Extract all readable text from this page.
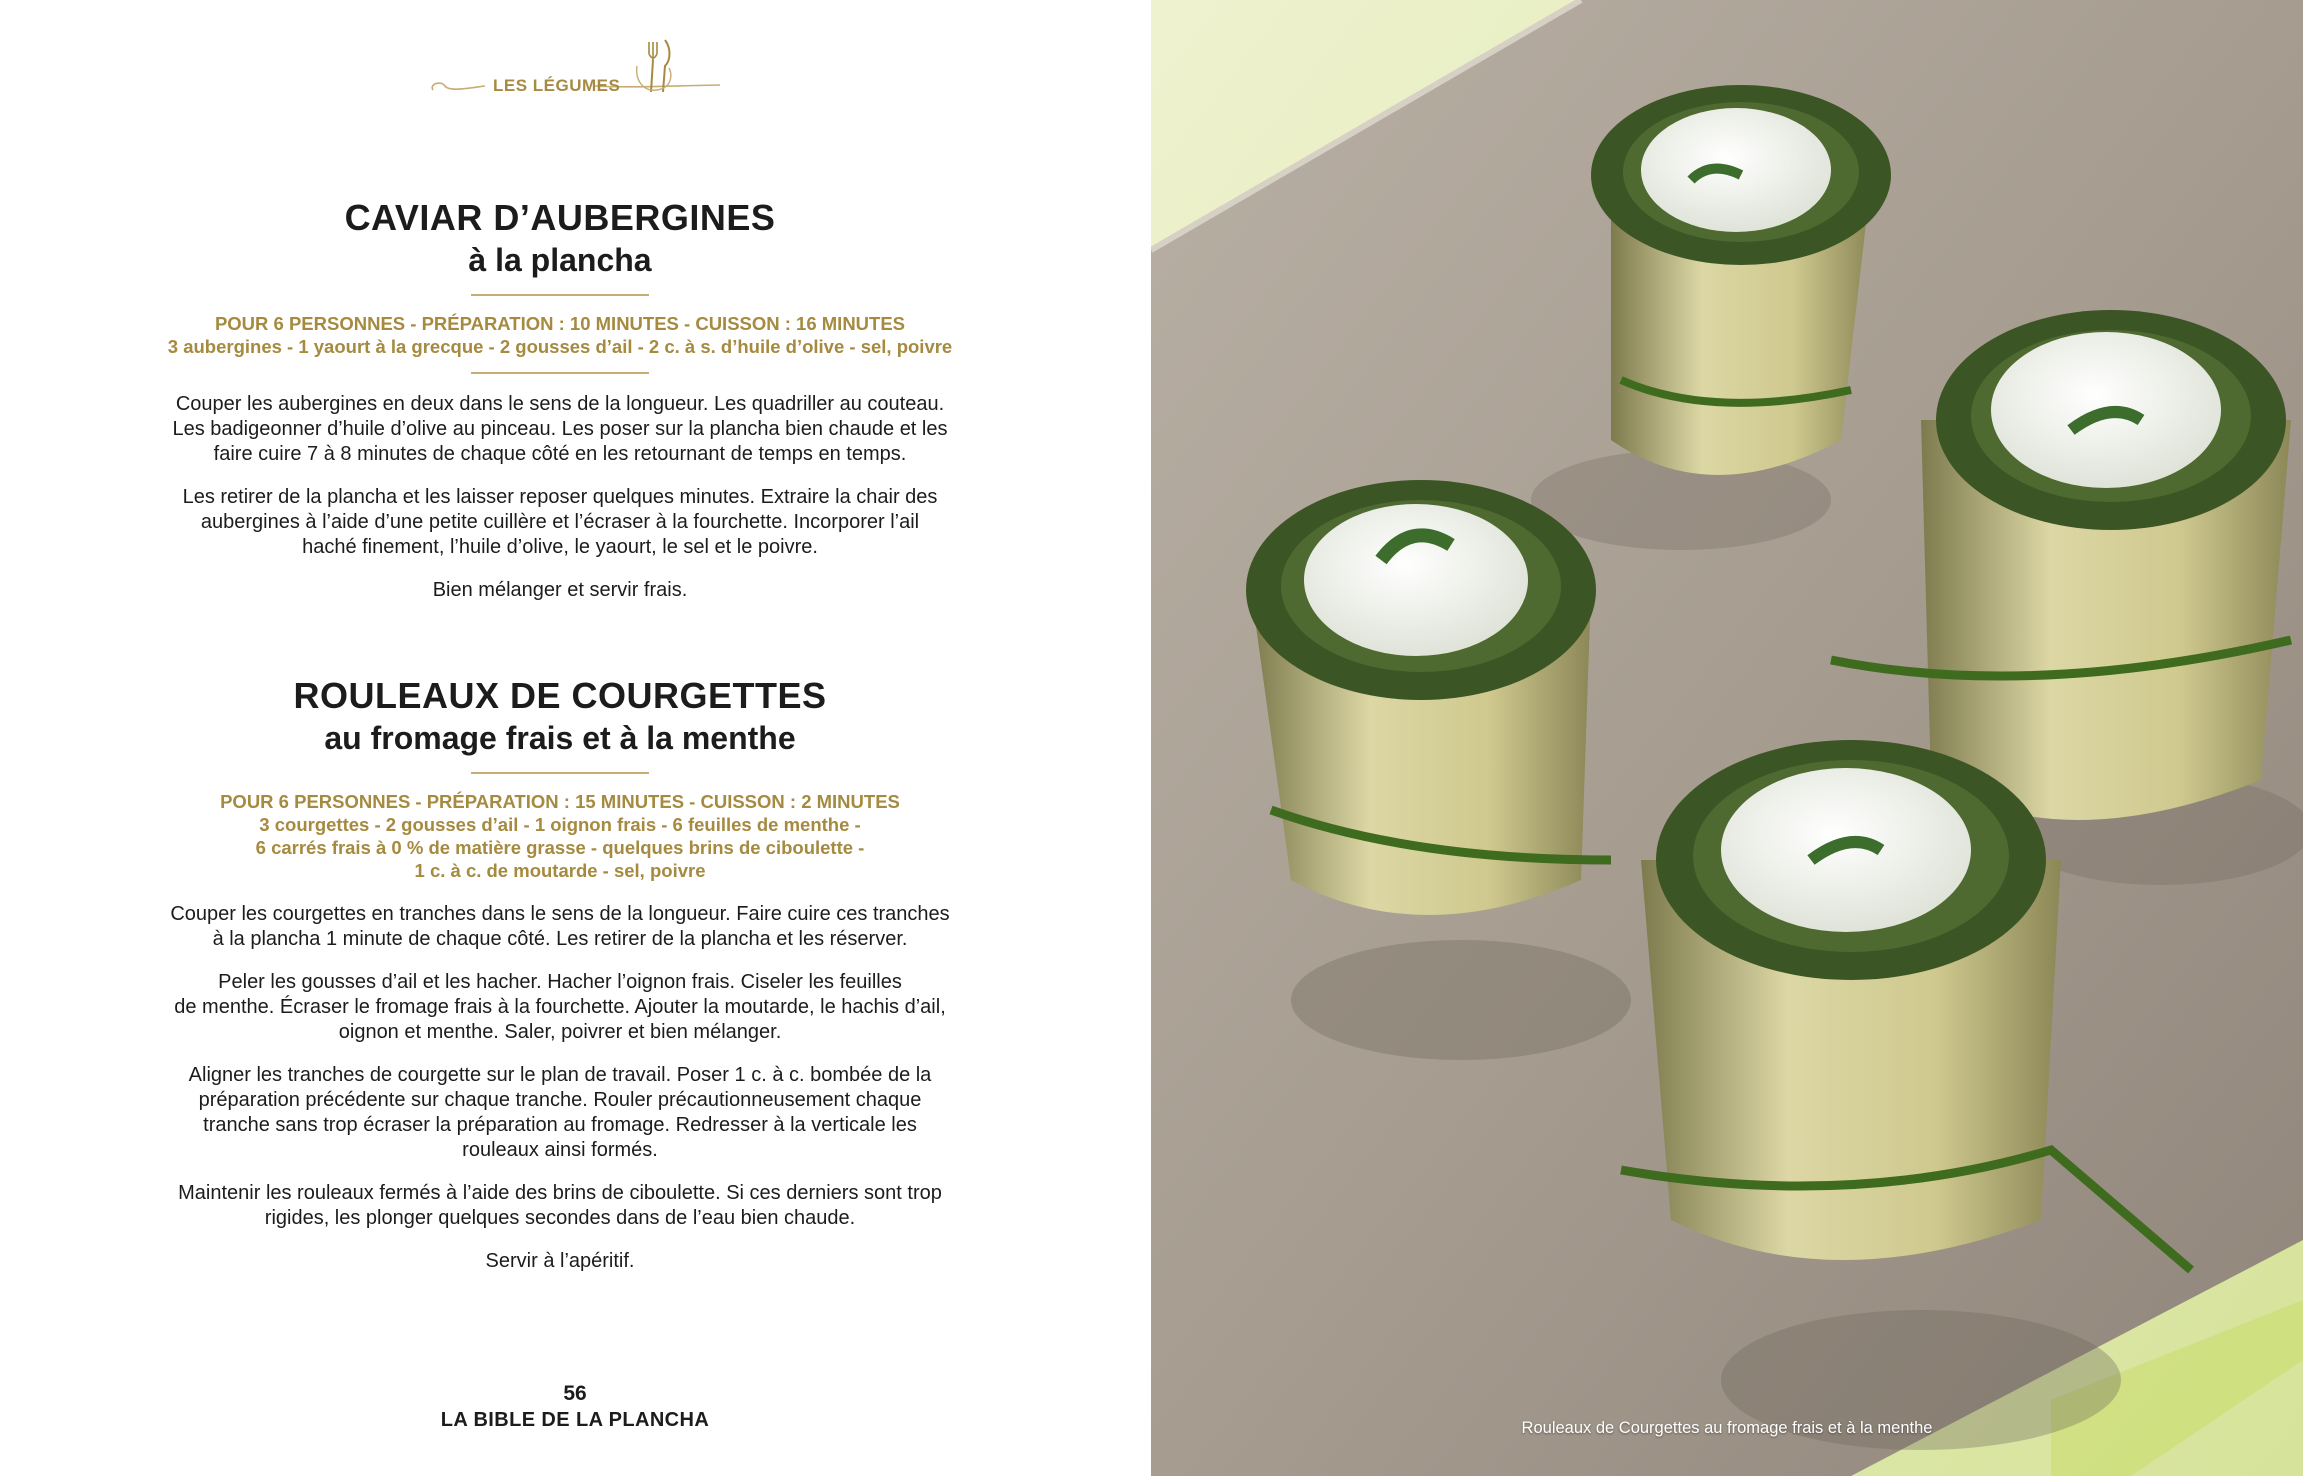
LES LÉGUMES
CAVIAR D’AUBERGINES
à la plancha
POUR 6 PERSONNES - PRÉPARATION : 10 MINUTES - CUISSON : 16 MINUTES
3 aubergines - 1 yaourt à la grecque - 2 gousses d’ail - 2 c. à s. d’huile d’olive - sel, poivre
Couper les aubergines en deux dans le sens de la longueur. Les quadriller au couteau.
Les badigeonner d’huile d’olive au pinceau. Les poser sur la plancha bien chaude et les
faire cuire 7 à 8 minutes de chaque côté en les retournant de temps en temps.
Les retirer de la plancha et les laisser reposer quelques minutes. Extraire la chair des
aubergines à l’aide d’une petite cuillère et l’écraser à la fourchette. Incorporer l’ail
haché finement, l’huile d’olive, le yaourt, le sel et le poivre.
Bien mélanger et servir frais.
ROULEAUX DE COURGETTES
au fromage frais et à la menthe
POUR 6 PERSONNES - PRÉPARATION : 15 MINUTES - CUISSON : 2 MINUTES
3 courgettes - 2 gousses d’ail - 1 oignon frais - 6 feuilles de menthe -
6 carrés frais à 0 % de matière grasse - quelques brins de ciboulette -
1 c. à c. de moutarde - sel, poivre
Couper les courgettes en tranches dans le sens de la longueur. Faire cuire ces tranches
à la plancha 1 minute de chaque côté. Les retirer de la plancha et les réserver.
Peler les gousses d’ail et les hacher. Hacher l’oignon frais. Ciseler les feuilles
de menthe. Écraser le fromage frais à la fourchette. Ajouter la moutarde, le hachis d’ail,
oignon et menthe. Saler, poivrer et bien mélanger.
Aligner les tranches de courgette sur le plan de travail. Poser 1 c. à c. bombée de la
préparation précédente sur chaque tranche. Rouler précautionneusement chaque
tranche sans trop écraser la préparation au fromage. Redresser à la verticale les
rouleaux ainsi formés.
Maintenir les rouleaux fermés à l’aide des brins de ciboulette. Si ces derniers sont trop
rigides, les plonger quelques secondes dans de l’eau bien chaude.
Servir à l’apéritif.
56
LA BIBLE DE LA PLANCHA	Rouleaux de Courgettes au fromage frais et à la menthe
